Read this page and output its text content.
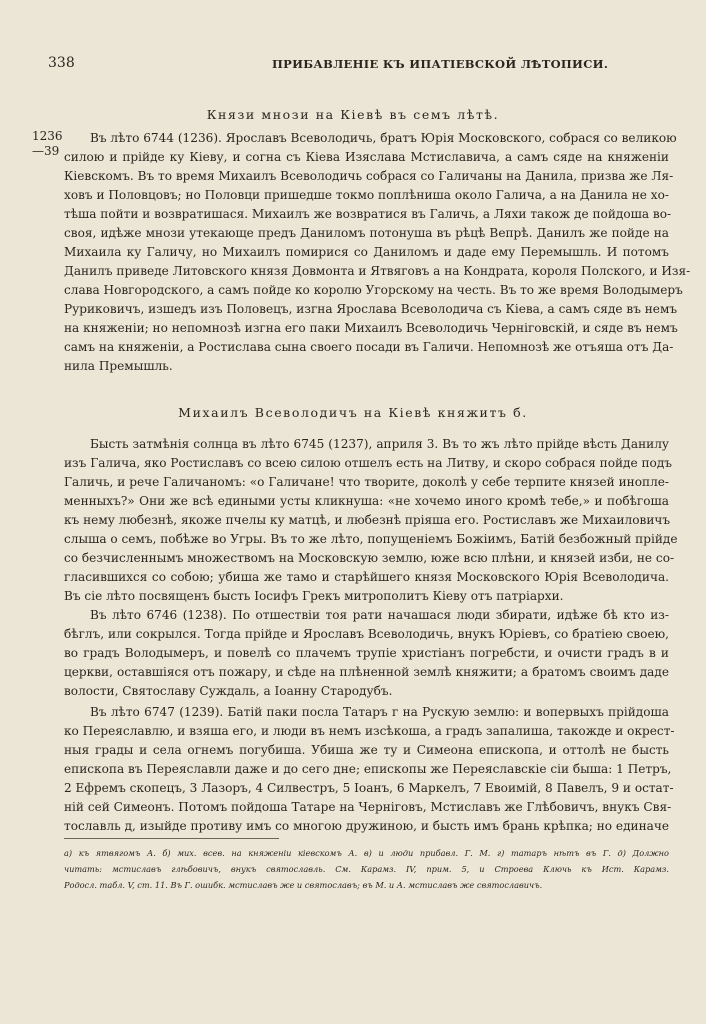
338	ПРИБАВЛЕНІЕ КЪ ИПАТІЕВСКОЙ ЛѢТОПИСИ.
Князи мнози на Кіевѣ въ семъ лѣтѣ.
1236
—39
Въ лѣто 6744 (1236). Ярославъ Всеволодичь, братъ Юрія Московского, собрася со великою
силою и прійде ку Кіеву, и согна съ Кіева Изяслава Мстиславича, а самъ сяде на княженіи
Кіевскомъ. Въ то время Михаилъ Всеволодичь собрася со Галичаны на Данила, призва же Ля-
ховъ и Половцовъ; но Половци пришедше токмо поплѣниша около Галича, а на Данила не хо-
тѣша пойти и возвратишася. Михаилъ же возвратися въ Галичь, а Ляхи також де пойдоша во-
своя, идѣже мнози утекающе предъ Даниломъ потонуша въ рѣцѣ Вепрѣ. Данилъ же пойде на
Михаила ку Галичу, но Михаилъ помирися со Даниломъ и даде ему Перемышль. И потомъ
Данилъ приведе Литовского князя Довмонта и Ятвяговъ а на Кондрата, короля Полского, и Изя-
слава Новгородского, а самъ пойде ко королю Угорскому на честь. Въ то же время Володымеръ
Руриковичъ, изшедъ изъ Половецъ, изгна Ярослава Всеволодича съ Кіева, а самъ сяде въ немъ
на княженіи; но непомнозѣ изгна его паки Михаилъ Всеволодичь Черніговскій, и сяде въ немъ
самъ на княженіи, а Ростислава сына своего посади въ Галичи. Непомнозѣ же отъяша отъ Да-
нила Премышль.
Михаилъ Всеволодичъ на Кіевѣ княжитъ б.
Бысть затмѣнія солнца въ лѣто 6745 (1237), априля 3. Въ то жъ лѣто прійде вѣсть Данилу
изъ Галича, яко Ростиславъ со всею силою отшелъ есть на Литву, и скоро собрася пойде подъ
Галичь, и рече Галичаномъ: «о Галичане! что творите, доколѣ у себе терпите князей иноплe-
менныхъ?» Они же всѣ едиными усты кликнуша: «не хочемо иного кромѣ тебе,» и побѣгоша
къ нему любезнѣ, якоже пчелы ку матцѣ, и любезнѣ пріяша его. Ростиславъ же Михаиловичъ
слыша о семъ, побѣже во Угры. Въ то же лѣто, попущеніемъ Божіимъ, Батій безбожный прійде
со безчисленнымъ множествомъ на Московскую землю, юже всю плѣни, и князей изби, не со-
гласившихся со собою; убиша же тамо и старѣйшего князя Московского Юрія Всеволодича.
Въ сіе лѣто посвященъ бысть Іосифъ Грекъ митрополитъ Кіеву отъ патріархи.
Въ лѣто 6746 (1238). По отшествіи тоя рати начашася люди збирати, идѣже бѣ кто из-
бѣглъ, или сокрылся. Тогда прійде и Ярославъ Всеволодичь, внукъ Юріевъ, со братіею своею,
во градъ Володымеръ, и повелѣ со плачемъ трупіе христіанъ погребсти, и очисти градъ в и
церкви, оставшіяся отъ пожару, и сѣде на плѣненной землѣ княжити; а братомъ своимъ даде
волости, Святославу Суждаль, а Іоанну Стародубъ.
Въ лѣто 6747 (1239). Батій паки посла Татаръ г на Рускую землю: и вопервыхъ прійдоша
ко Переяславлю, и взяша его, и люди въ немъ изсѣкоша, а градъ запалиша, такожде и окрест-
ныя грады и села огнемъ погубиша. Убиша же ту и Симеона епископа, и оттолѣ не бысть
епископа въ Переяславли даже и до сего дне; епископы же Переяславскіе сіи быша: 1 Петръ,
2 Ефремъ скопецъ, 3 Лазоръ, 4 Силвестръ, 5 Іоанъ, 6 Маркелъ, 7 Евоимій, 8 Павелъ, 9 и остат-
ній сей Симеонъ. Потомъ пойдоша Татаре на Черніговъ, Мстиславъ же Глѣбовичъ, внукъ Свя-
тославль д, изыйде противу имъ со многою дружиною, и бысть имъ брань крѣпка; но единаче
а) къ ятвягомъ А. б) мих. всев. на княженіи кіевскомъ А. в) и люди прибавл. Г. М. г) татаръ нѣтъ въ Г. д) Должно
читать: мстиславъ глѣбовичъ, внукъ святославль. См. Карамз. IV, прим. 5, и Строева Ключь къ Ист. Карамз.
Родосл. табл. V, ст. 11. Въ Г. ошибк. мстиславъ же и святославъ; въ М. и А. мстиславъ же святославичъ.
